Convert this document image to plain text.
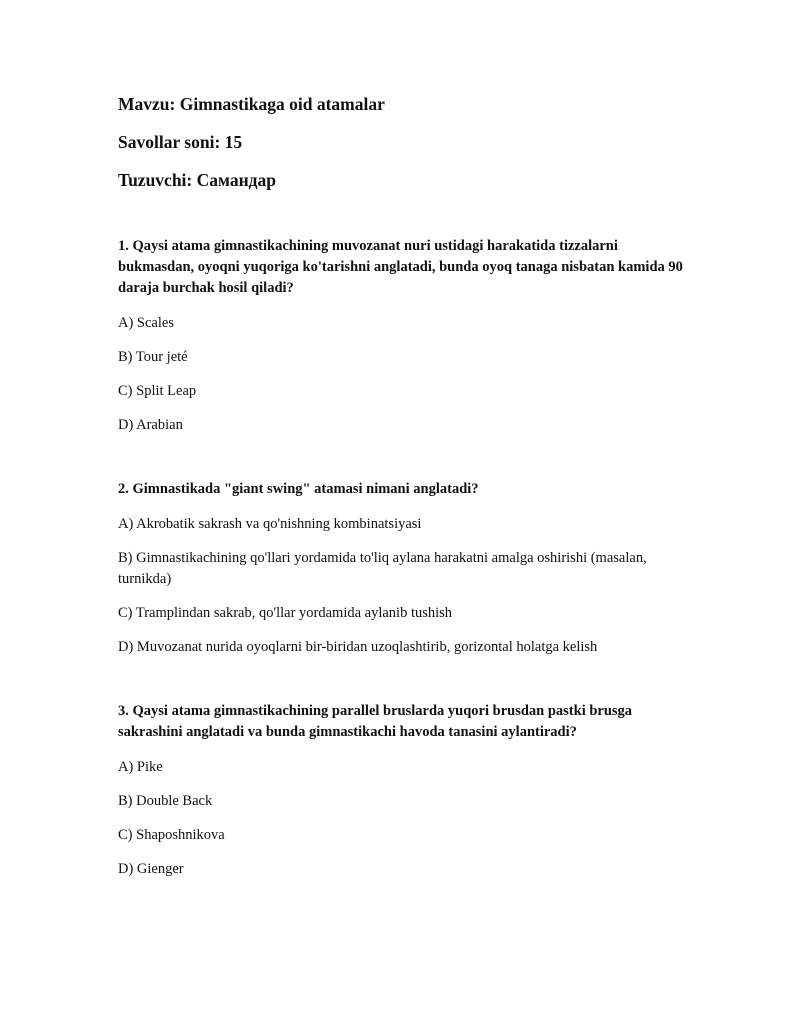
Mavzu: Gimnastikaga oid atamalar

Savollar soni: 15

Tuzuvchi: Самандар

1. Qaysi atama gimnastikachining muvozanat nuri ustidagi harakatida tizzalarni bukmasdan, oyoqni yuqoriga ko'tarishni anglatadi, bunda oyoq tanaga nisbatan kamida 90 daraja burchak hosil qiladi?

A) Scales

B) Tour jeté

C) Split Leap

D) Arabian

2. Gimnastikada "giant swing" atamasi nimani anglatadi?

A) Akrobatik sakrash va qo'nishning kombinatsiyasi

B) Gimnastikachining qo'llari yordamida to'liq aylana harakatni amalga oshirishi (masalan, turnikda)

C) Tramplindan sakrab, qo'llar yordamida aylanib tushish

D) Muvozanat nurida oyoqlarni bir-biridan uzoqlashtirib, gorizontal holatga kelish

3. Qaysi atama gimnastikachining parallel bruslarda yuqori brusdan pastki brusga sakrashini anglatadi va bunda gimnastikachi havoda tanasini aylantiradi?

A) Pike

B) Double Back

C) Shaposhnikova

D) Gienger
